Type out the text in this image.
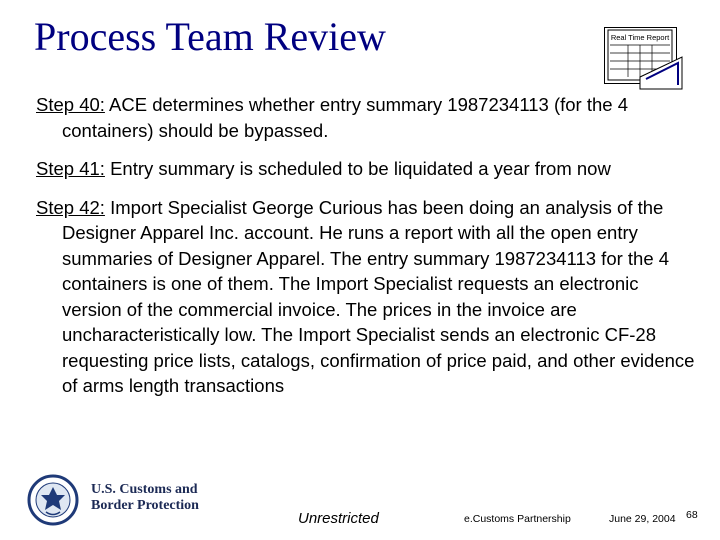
Process Team Review	Real Time Report

Step 40: ACE determines whether entry summary 1987234113 (for the 4 containers) should be bypassed.

Step 41: Entry summary is scheduled to be liquidated a year from now

Step 42: Import Specialist George Curious has been doing an analysis of the Designer Apparel Inc. account. He runs a report with all the open entry summaries of Designer Apparel. The entry summary 1987234113 for the 4 containers is one of them. The Import Specialist requests an electronic version of the commercial invoice. The prices in the invoice are uncharacteristically low. The Import Specialist sends an electronic CF-28 requesting price lists, catalogs, confirmation of price paid, and other evidence of arms length transactions

U.S. Customs and
Border Protection
Unrestricted	e.Customs Partnership	June 29, 2004 68
